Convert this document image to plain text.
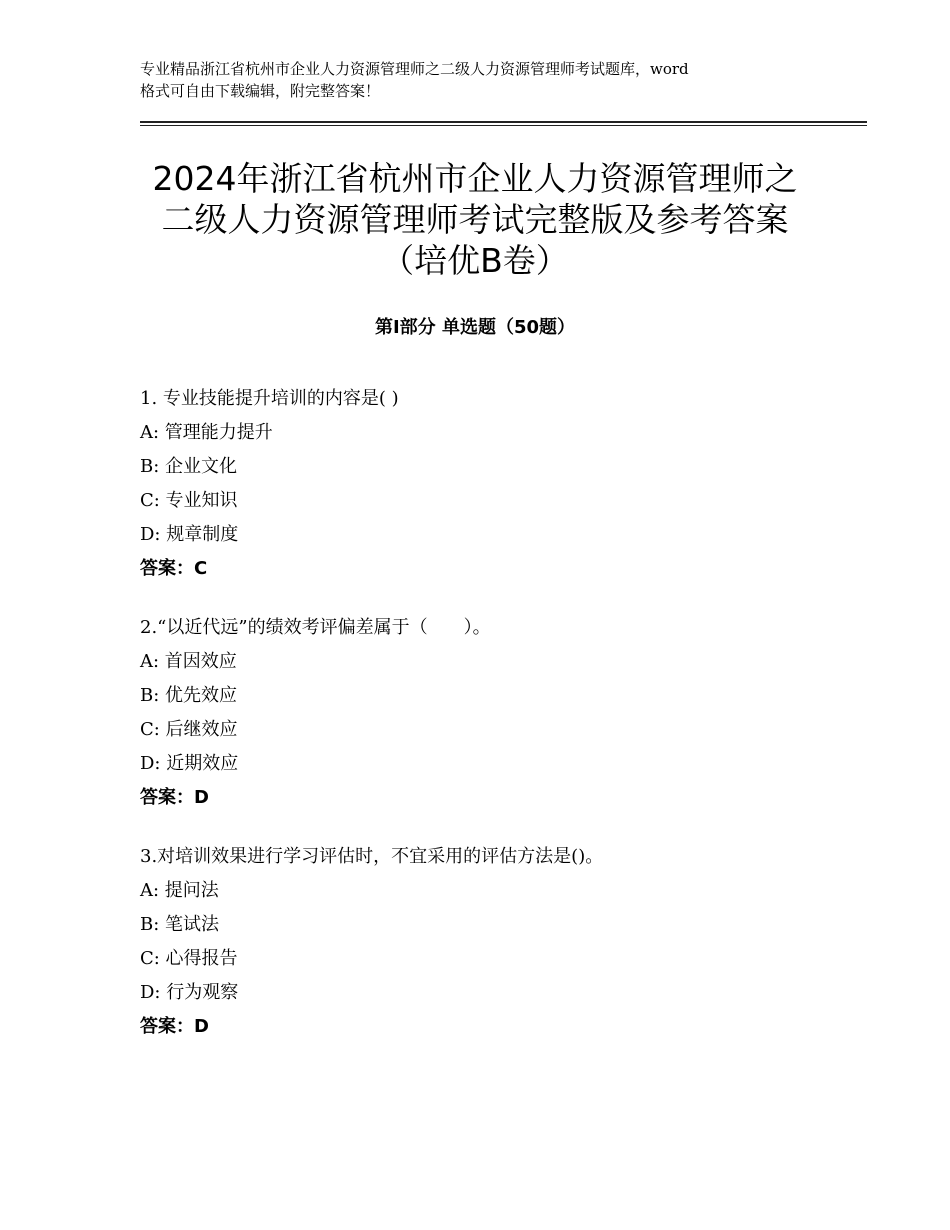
专业精品浙江省杭州市企业人力资源管理师之二级人力资源管理师考试题库，word
格式可自由下载编辑，附完整答案！
2024年浙江省杭州市企业人力资源管理师之
二级人力资源管理师考试完整版及参考答案
（培优B卷）
第Ⅰ部分 单选题（50题）
1. 专业技能提升培训的内容是( )
A: 管理能力提升
B: 企业文化
C: 专业知识
D: 规章制度
答案：C
2.“以近代远”的绩效考评偏差属于（　　）。
A: 首因效应
B: 优先效应
C: 后继效应
D: 近期效应
答案：D
3.对培训效果进行学习评估时，不宜采用的评估方法是()。
A: 提问法
B: 笔试法
C: 心得报告
D: 行为观察
答案：D
